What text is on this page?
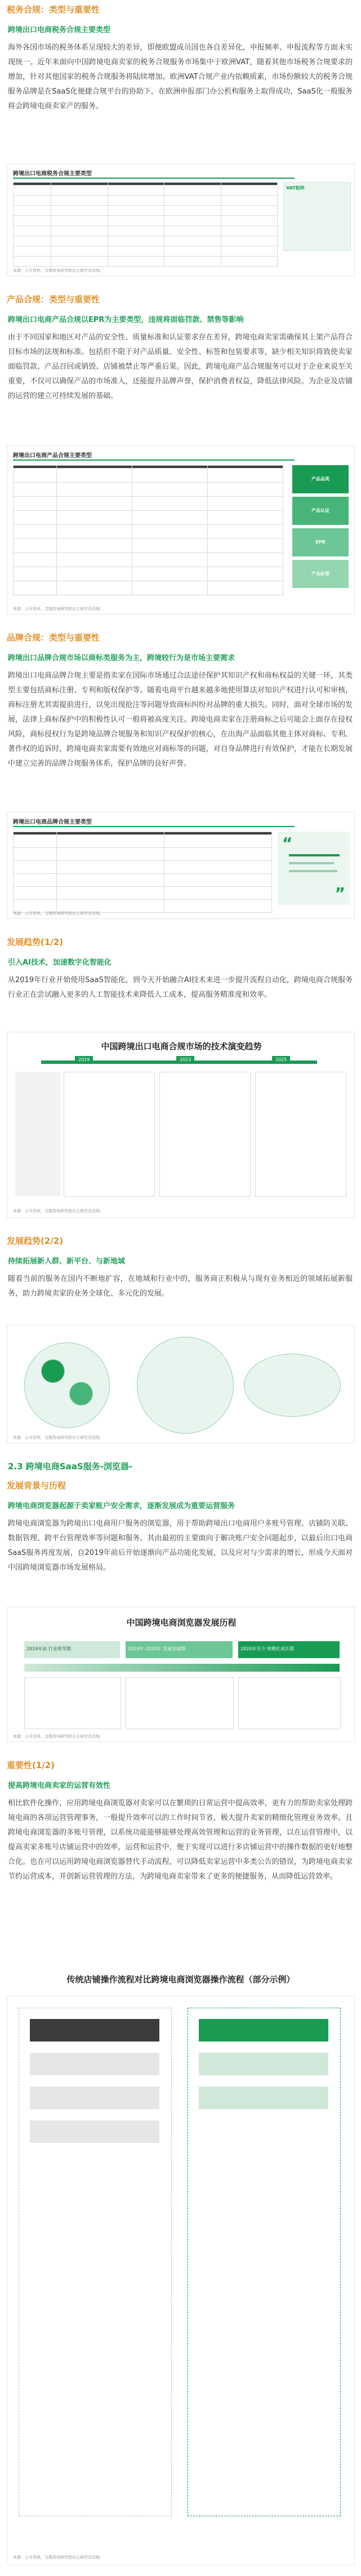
税务合规：类型与重要性
跨境出口电商税务合规主要类型

海外各国市场的税务体系呈现较大的差异，即便欧盟成员国也各自差异化，申报频率、申报流程等方面未实现统一。近年来面向中国跨境电商卖家的税务合规服务市场集中于欧洲VAT，随着其他市场税务合规要求的增加，针对其他国家的税务合规服务将陆续增加。欧洲VAT合规产业内依赖质素，市场份额较大的税务合规服务品牌是在SaaS化便捷合规平台的协助下，在欧洲申报部门办公机构服务上取得成功，SaaS化一般服务将会跨境电商卖家产的服务。

跨境出口电商税务合规主要类型

VAT税种
来源：公开资料，艾瑞咨询研究院自主研究及绘制。
产品合规：类型与重要性
跨境出口电商产品合规以EPR为主要类型，违规将面临罚款、禁售等影响

由于不同国家和地区对产品的安全性、质量标准和认证要求存在差异，跨境电商卖家需确保其上架产品符合目标市场的法规和标准。包括但不限于对产品质量、安全性、标签和包装要求等，缺少相关知识将致使卖家面临罚款、产品召回或销毁、店铺被禁止等严重后果。因此，跨境电商产品合规服务可以对于企业来说至关重要，不仅可以确保产品的市场准入，还能提升品牌声誉，保护消费者权益，降低法律风险。为企业及店铺的运营的建立可持续发展的基础。

跨境出口电商产品合规主要类型

产品品类
产品认证
EPR
产品标签
来源：公开资料，艾瑞咨询研究院自主研究及绘制。
品牌合规：类型与重要性
跨境出口品牌合规市场以商标类服务为主，跨境较行为是市场主要需求

跨境出口电商品牌合规主要是指卖家在国际市场通过合法途径保护其知识产权和商标权益的关键一环，其类型主要包括商标注册、专利和版权保护等。随着电商平台越来越多地使用算法对知识产权进行认可和审核，商标注册尤其需提前进行，以免出现抢注等问题导致商标纠纷对品牌的重大损失。同时，面对全球市场的发展，法律上商标保护中的积极性认可一般将被高度关注。跨境电商卖家在注册商标之后可能会上面存在侵权风险，商标侵权行为是跨境品牌合规服务和知识产权保护的核心，在出海产品面临其他主体对商标、专利、著作权的追诉时，跨境电商卖家需要有效地应对商标等的问题，对自身品牌进行有效保护，才能在长期发展中建立完善的品牌合规服务体系，保护品牌的良好声誉。

跨境出口电商品牌合规主要类型

“
”
来源：公开资料，艾瑞咨询研究院自主研究及绘制。
发展趋势(1/2)
引入AI技术，加速数字化智能化

从2019年行业开始使用SaaS智能化，到今天开始融合AI技术来进一步提升流程自动化，跨境电商合规服务行业正在尝试融入更多的人工智能技术来降低人工成本，提高服务精准度和效率。

中国跨境出口电商合规市场的技术演变趋势
2019	2023	2025
来源：公开资料，艾瑞咨询研究院自主研究及绘制。
发展趋势(2/2)
持续拓展新人群、新平台、与新地域

随着当前的服务在国内不断地扩容，在地域和行业中的，服务商正积极从与现有业务相近的领域拓展新服务，助力跨境卖家的业务全球化、多元化的发展。

来源：公开资料，艾瑞咨询研究院自主研究及绘制。
2.3 跨境电商SaaS服务-浏览器-
发展背景与历程
跨境电商浏览器起源于卖家账户安全需求，逐渐发展成为重要运营服务

跨境电商浏览器为跨境出口电商用户服务的浏览器，用于帮助跨境出口电商用户多账号管理、店铺防关联、数据管理、跨平台管理效率等问题和服务。其由最初的主要面向于解决账户安全问题起步，以最后出口电商SaaS服务再度发展，自2019年前后开始逐渐向产品功能化发展，以及应对与少需求的增长，形成今天面对中国跨境浏览器市场发展格局。

中国跨境电商浏览器发展历程
2019年前 行业萌芽期	2019年-2020年 发展加速期	2020年至今 规模化成长期
来源：公开资料，艾瑞咨询研究院自主研究及绘制。
重要性(1/2)
提高跨境电商卖家的运营有效性

相比软件化操作，应用跨境电商浏览器对卖家可以在繁琐的日常运营中提高效率，更有力的帮助卖家处理跨境电商的各项运营管理事务，一般提升效率可以的工作时间节省，极大提升卖家的精细化管理业务效率。且跨境电商浏览器的多账号管理，以系统功能能够能够处理高效管理和运营的业务管理，以在运营管理中，以提高卖家多账号店铺运营中的效率，运营和运营中，便于实现可以进行多店铺运营中的操作数据的更好地整合化。也在可以运用跨境电商浏览器替代手动流程，可以降低卖家运营中多类公告的错误，为跨境电商卖家节约运营成本，并创新运营管理的方法，为跨境电商卖家带来了更多的便捷服务，从而降低运营效率。

传统店铺操作流程对比跨境电商浏览器操作流程（部分示例）
来源：公开资料，艾瑞咨询研究院自主研究及绘制。
